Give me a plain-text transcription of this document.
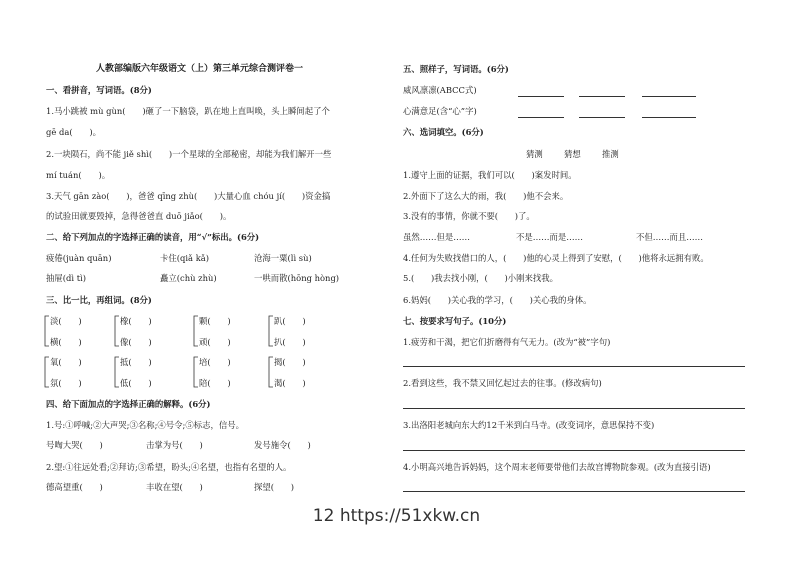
人教部编版六年级语文（上）第三单元综合测评卷一
一、看拼音，写词语。(8分)
1.马小跳被 mù gùn(　　)砸了一下脑袋，趴在地上直叫唤，头上瞬间起了个
gē da(　　)。
2.一块陨石，尚不能 jiě shì(　　)一个星球的全部秘密，却能为我们解开一些
mí tuán(　　)。
3.天气 gān zào(　　)，爸爸 qīng zhù(　　)大量心血 chóu jí(　　)资金搞
的试验田就要毁掉，急得爸爸直 duō jiǎo(　　)。
二、给下列加点的字选择正确的读音，用“√”标出。(6分)
疲倦(juàn quān)	卡住(qiǎ kǎ)	沧海一粟(lì sù)
抽屉(dì tì)	矗立(chù zhù)	一哄而散(hōng hòng)
三、比一比，再组词。(8分)
淡(　　)	橡(　　)	颗(　　)	趴(　　)
横(　　)	像(　　)	顽(　　)	扒(　　)
氧(　　)	抵(　　)	培(　　)	揭(　　)
氛(　　)	低(　　)	陪(　　)	渴(　　)
四、给下面加点的字选择正确的解释。(6分)
1.号:①呼喊;②大声哭;③名称;④号令;⑤标志，信号。
号啕大哭(　　)	击掌为号(　　)	发号施令(　　)
2.望:①往远处看;②拜访;③希望，盼头;④名望，也指有名望的人。
德高望重(　　)	丰收在望(　　)	探望(　　)
五、照样子，写词语。(6分)
威风凛凛(ABCC式)
心满意足(含“心”字)
六、选词填空。(6分)
猜测	猜想	推测
1.遵守上面的证据，我们可以(　　)案发时间。
2.外面下了这么大的雨，我(　　)他不会来。
3.没有的事情，你就不要(　　)了。
虽然……但是……	不是……而是……	不但……而且……
4.任何为失败找借口的人，(　　)他的心灵上得到了安慰，(　　)他将永远拥有败。
5.(　　)我去找小刚，(　　)小刚来找我。
6.妈妈(　　)关心我的学习，(　　)关心我的身体。
七、按要求写句子。(10分)
1.疲劳和干渴，把它们折磨得有气无力。(改为“被”字句)
2.看到这些，我不禁又回忆起过去的往事。(修改病句)
3.出洛阳老城向东大约12千米到白马寺。(改变词序，意思保持不变)
4.小明高兴地告诉妈妈，这个周末老师要带他们去故宫博物院参观。(改为直接引语)
12 https://51xkw.cn
